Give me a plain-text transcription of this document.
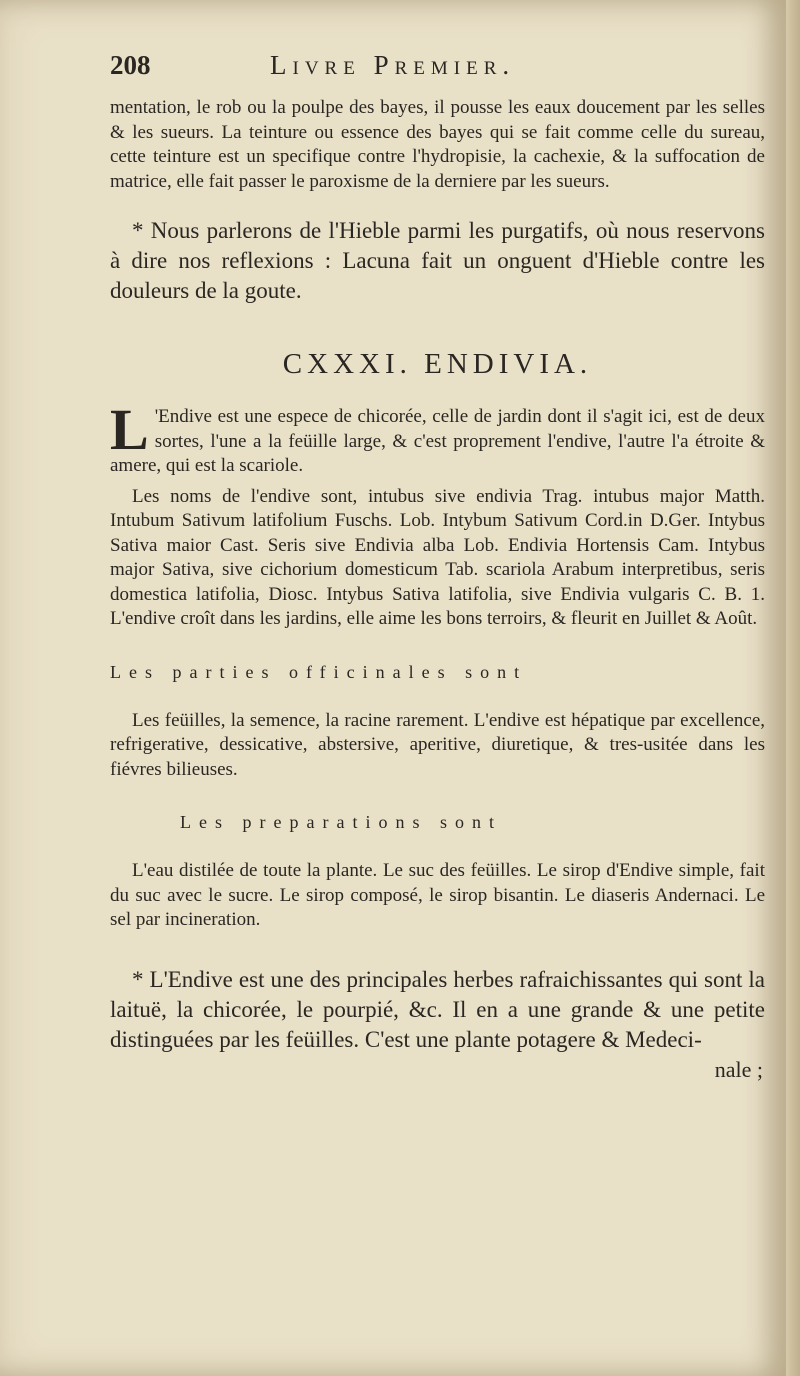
208	Livre Premier.

mentation, le rob ou la poulpe des bayes, il pousse les eaux doucement par les selles & les sueurs. La teinture ou essence des bayes qui se fait comme celle du sureau, cette teinture est un specifique contre l'hydropisie, la cachexie, & la suffocation de matrice, elle fait passer le paroxisme de la derniere par les sueurs.

* Nous parlerons de l'Hieble parmi les purgatifs, où nous reservons à dire nos reflexions : Lacuna fait un onguent d'Hieble contre les douleurs de la goute.

CXXXI. ENDIVIA.
L 'Endive est une espece de chicorée, celle de jardin dont il s'agit ici, est de deux sortes, l'une a la feüille large, & c'est proprement l'endive, l'autre l'a étroite & amere, qui est la scariole.

Les noms de l'endive sont, intubus sive endivia Trag. intubus major Matth. Intubum Sativum latifolium Fuschs. Lob. Intybum Sativum Cord.in D.Ger. Intybus Sativa maior Cast. Seris sive Endivia alba Lob. Endivia Hortensis Cam. Intybus major Sativa, sive cichorium domesticum Tab. scariola Arabum interpretibus, seris domestica latifolia, Diosc. Intybus Sativa latifolia, sive Endivia vulgaris C. B. 1. L'endive croît dans les jardins, elle aime les bons terroirs, & fleurit en Juillet & Août.

Les parties officinales sont

Les feüilles, la semence, la racine rarement. L'endive est hépatique par excellence, refrigerative, dessicative, abstersive, aperitive, diuretique, & tres-usitée dans les fiévres bilieuses.

Les preparations sont

L'eau distilée de toute la plante. Le suc des feüilles. Le sirop d'Endive simple, fait du suc avec le sucre. Le sirop composé, le sirop bisantin. Le diaseris Andernaci. Le sel par incineration.

* L'Endive est une des principales herbes rafraichissantes qui sont la laituë, la chicorée, le pourpié, &c. Il en a une grande & une petite distinguées par les feüilles. C'est une plante potagere & Medeci-

nale ;
